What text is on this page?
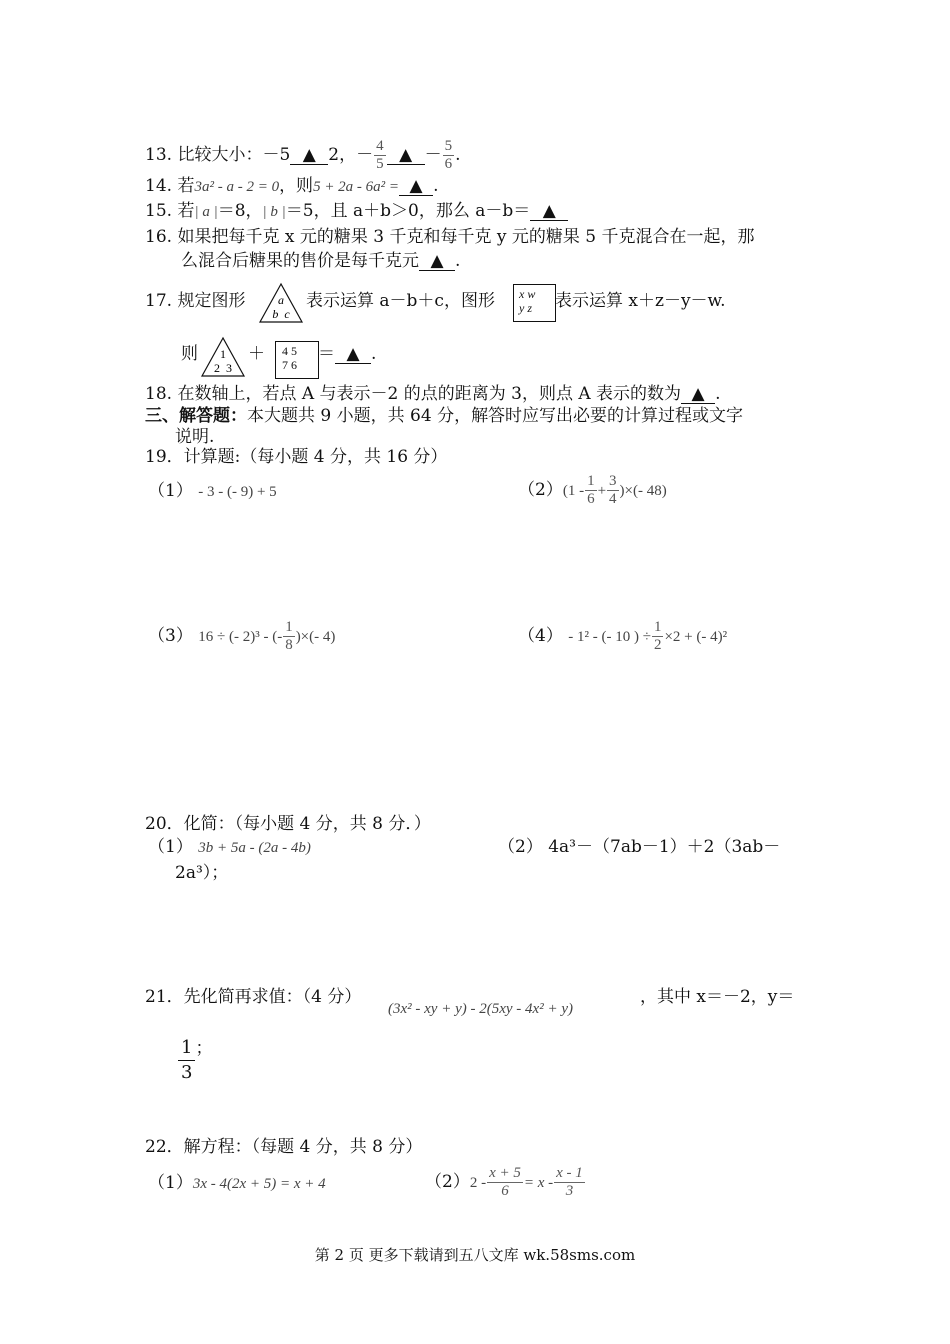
13. 比较大小：－5 ▲ 2，－ $\frac{4}{5}$ ▲ － $\frac{5}{6}$ .
14. 若3a² - a - 2 = 0，则5 + 2a - 6a² = ▲ .
15. 若| a |＝8，| b |＝5，且 a＋b＞0，那么 a－b＝ ▲
16. 如果把每千克 x 元的糖果 3 千克和每千克 y 元的糖果 5 千克混合在一起，那
么混合后糖果的售价是每千克元 ▲ .
17. 规定图形	a
b  c
表示运算 a－b＋c，图形 x w
y z	表示运算 x＋z－y－w.
则 1
2  3
＋ 4 5
7 6
＝ ▲ .
18. 在数轴上，若点 A 与表示－2 的点的距离为 3，则点 A 表示的数为 ▲ .
三、解答题：本大题共 9 小题，共 64 分，解答时应写出必要的计算过程或文字
说明.
19．计算题:（每小题 4 分，共 16 分）
（1） - 3 - (- 9) + 5	$(2)(1 - \frac{1}{6} + \frac{3}{4}$ )×(- 48)
（3） 16 ÷ (- 2)³ - (- $\frac{1}{8}$ )×(- 4)	（4） - 1² - (- 10 ) ÷ $\frac{1}{2} \times 2$ + (- 4)²
20．化简：（每小题 4 分，共 8 分．）
（1） 3b + 5a - (2a - 4b)	（2） 4a³－（7ab－1）＋2（3ab－
2a³）；
21．先化简再求值：（4 分）
(3x² - xy + y) - 2(5xy - 4x² + y)
，其中 x＝－2，y＝
$\frac{1}{3}$ ；
22．解方程：（每题 4 分，共 8 分）
（1）3x - 4(2x + 5) = x + 4	$(2)2 - \frac{x + 5}{6} = x - \frac{x - 1}{3}$
第 2 页 更多下载请到五八文库 wk.58sms.com
